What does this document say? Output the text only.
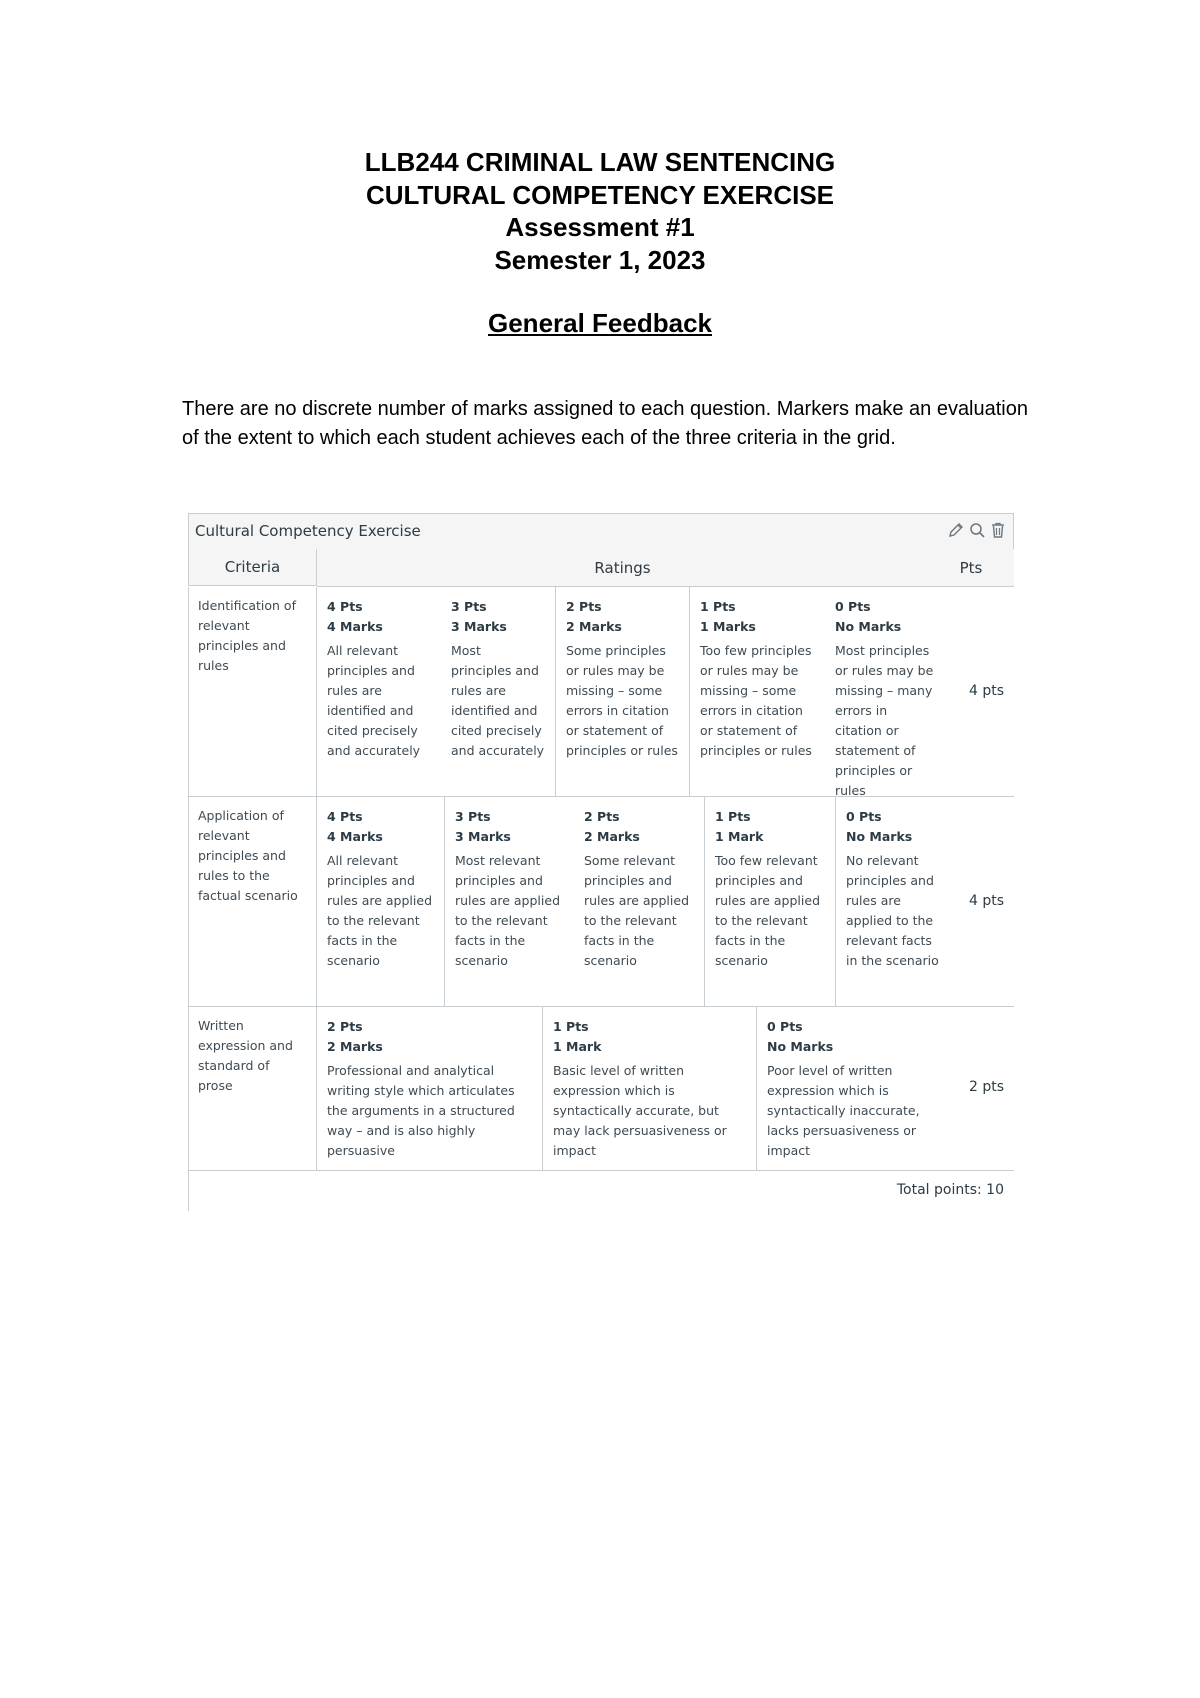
LLB244 CRIMINAL LAW SENTENCING
CULTURAL COMPETENCY EXERCISE
Assessment #1
Semester 1, 2023
General Feedback
There are no discrete number of marks assigned to each question. Markers make an evaluation of the extent to which each student achieves each of the three criteria in the grid.
Cultural Competency Exercise
Criteria	Ratings	Pts
Identification of relevant principles and rules
4 Pts
4 Marks
All relevant principles and rules are identified and cited precisely and accurately
3 Pts
3 Marks
Most principles and rules are identified and cited precisely and accurately
2 Pts
2 Marks
Some principles or rules may be missing – some errors in citation or statement of principles or rules
1 Pts
1 Marks
Too few principles or rules may be missing – some errors in citation or statement of principles or rules
0 Pts
No Marks
Most principles or rules may be missing – many errors in citation or statement of principles or rules
4 pts
Application of relevant principles and rules to the factual scenario
4 Pts
4 Marks
All relevant principles and rules are applied to the relevant facts in the scenario
3 Pts
3 Marks
Most relevant principles and rules are applied to the relevant facts in the scenario
2 Pts
2 Marks
Some relevant principles and rules are applied to the relevant facts in the scenario
1 Pts
1 Mark
Too few relevant principles and rules are applied to the relevant facts in the scenario
0 Pts
No Marks
No relevant principles and rules are applied to the relevant facts in the scenario
4 pts
Written expression and standard of prose
2 Pts
2 Marks
Professional and analytical writing style which articulates the arguments in a structured way – and is also highly persuasive
1 Pts
1 Mark
Basic level of written expression which is syntactically accurate, but may lack persuasiveness or impact
0 Pts
No Marks
Poor level of written expression which is syntactically inaccurate, lacks persuasiveness or impact
2 pts
Total points: 10
